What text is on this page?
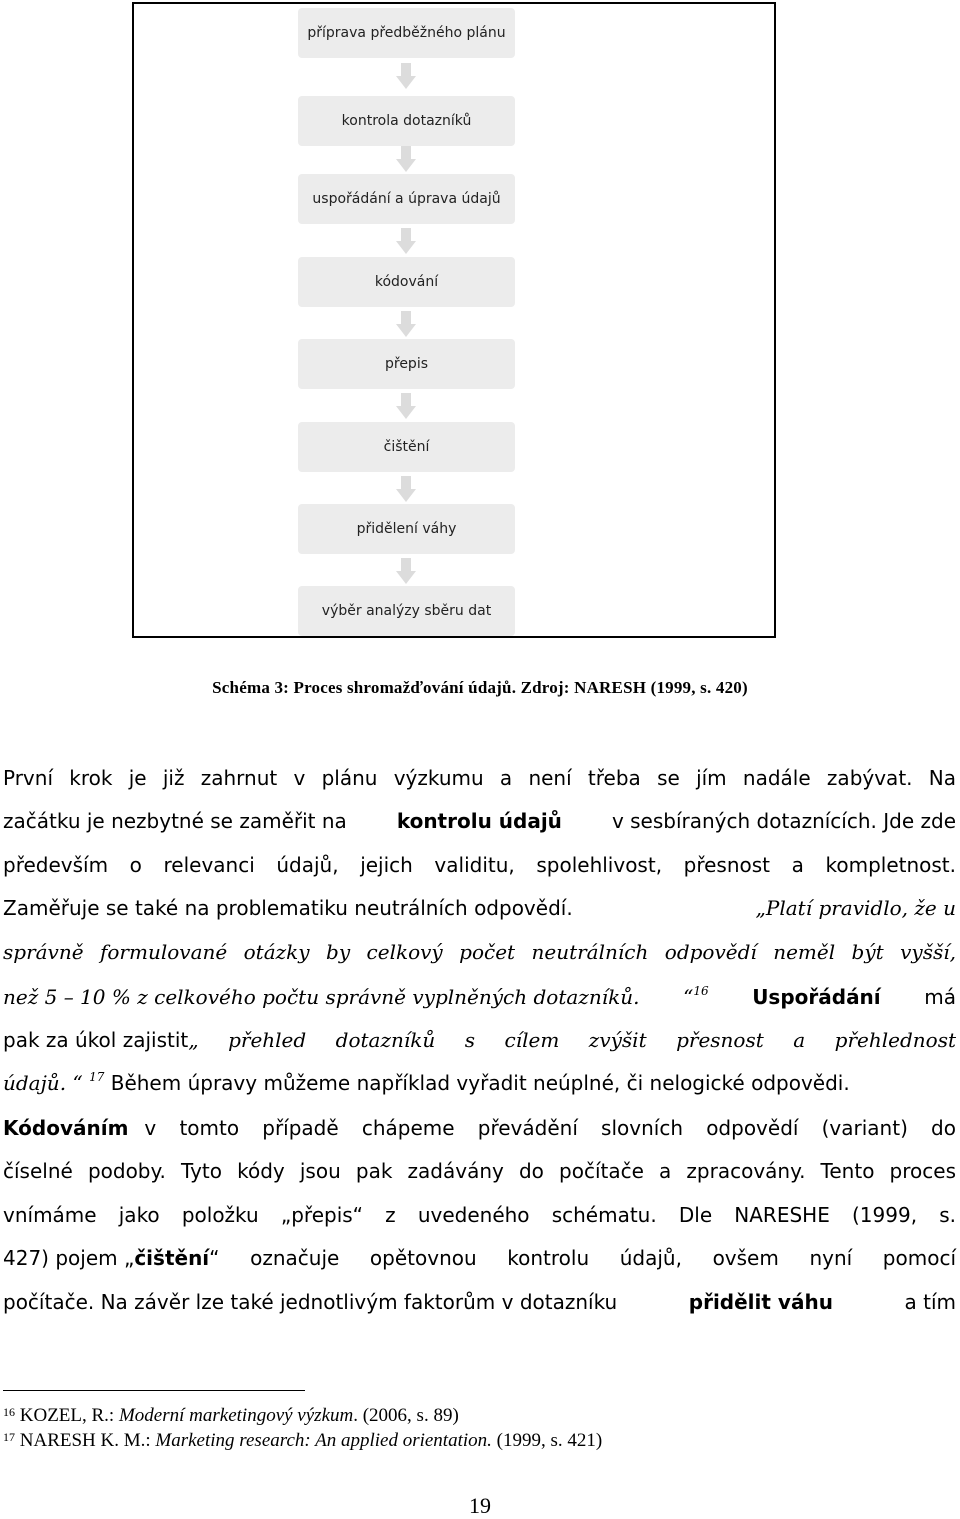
příprava předběžného plánu
kontrola dotazníků
uspořádání a úprava údajů
kódování
přepis
čištění
přidělení váhy
výběr analýzy sběru dat
Schéma 3: Proces shromažďování údajů. Zdroj: NARESH (1999, s. 420)
První krok je již zahrnut v plánu výzkumu a není třeba se jím nadále zabývat. Na
začátku je nezbytné se zaměřit na	kontrolu údajů	v sesbíraných dotaznících. Jde zde
především o relevanci údajů, jejich validitu, spolehlivost, přesnost a kompletnost.
Zaměřuje se také na problematiku neutrálních odpovědí.	„Platí pravidlo, že u
správně formulované otázky by celkový počet neutrálních odpovědí neměl být vyšší,
než 5 – 10 % z celkového počtu správně vyplněných dotazníků. “$^{16}$ Uspořádání má
pak za úkol zajistit „ přehled dotazníků s cílem zvýšit přesnost a přehlednost
údajů. “ $^{17}$ Během úpravy můžeme například vyřadit neúplné, či nelogické odpovědi.
Kódováním v tomto případě chápeme převádění slovních odpovědí (variant) do
číselné podoby. Tyto kódy jsou pak zadávány do počítače a zpracovány. Tento proces
vnímáme jako položku „přepis“ z uvedeného schématu. Dle NARESHE (1999, s.
427) pojem „čištění “ označuje opětovnou kontrolu údajů, ovšem nyní pomocí
počítače. Na závěr lze také jednotlivým faktorům v dotazníku	přidělit váhu	a tím
$^{16}$ KOZEL, R.: Moderní marketingový výzkum. (2006, s. 89)
$^{17}$ NARESH K. M.: Marketing research: An applied orientation. (1999, s. 421)
19
